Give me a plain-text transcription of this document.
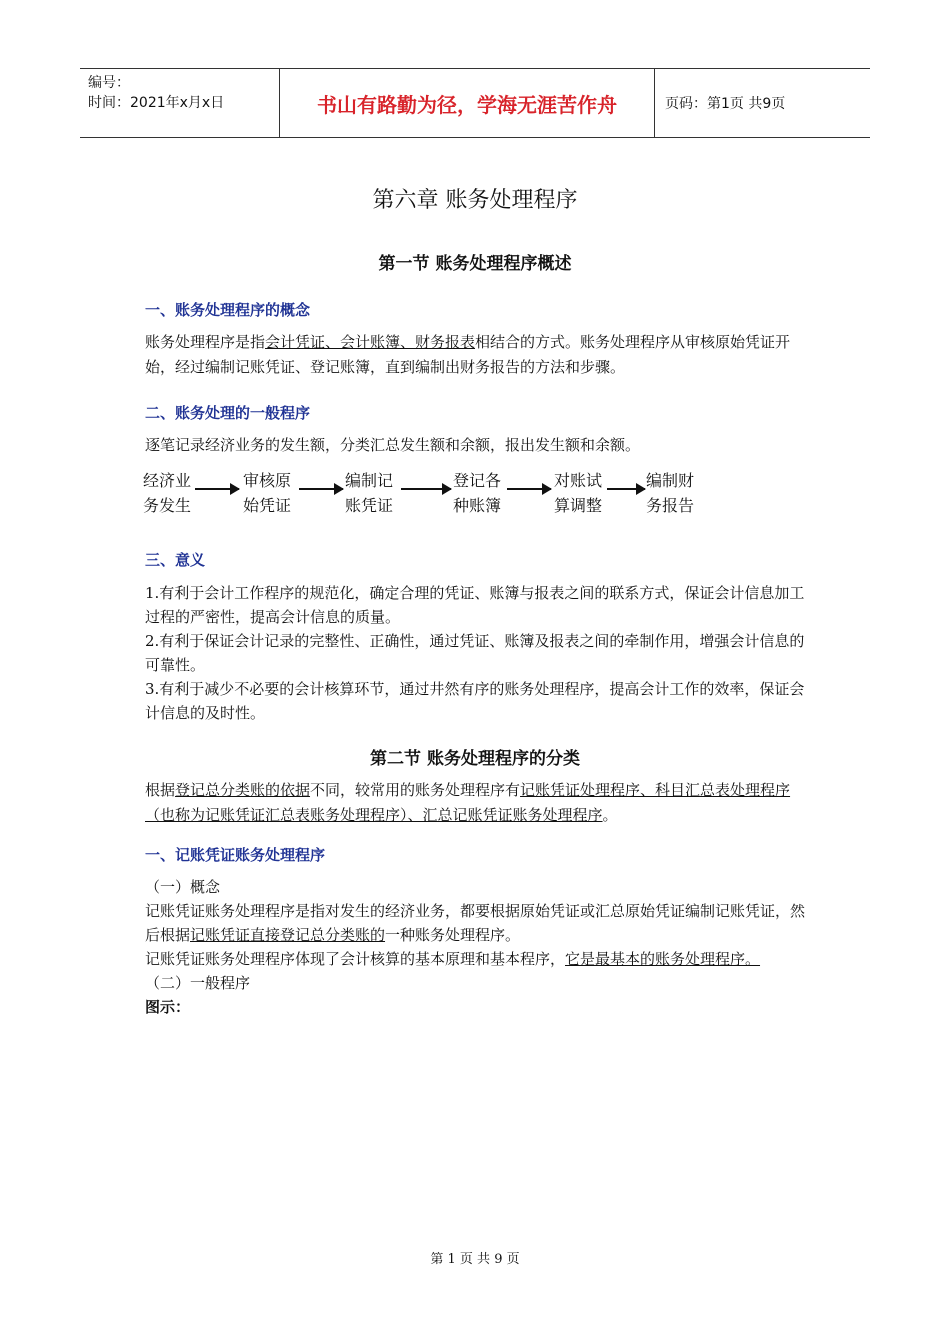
编号：
时间：2021年x月x日	书山有路勤为径，学海无涯苦作舟	页码：第1页 共9页
第六章 账务处理程序
第一节 账务处理程序概述
一、账务处理程序的概念
账务处理程序是指会计凭证、会计账簿、财务报表相结合的方式。账务处理程序从审核原始凭证开始，经过编制记账凭证、登记账簿，直到编制出财务报告的方法和步骤。
二、账务处理的一般程序
逐笔记录经济业务的发生额，分类汇总发生额和余额，报出发生额和余额。
经济业
务发生
审核原
始凭证
编制记
账凭证
登记各
种账簿
对账试
算调整
编制财
务报告
三、意义
1.有利于会计工作程序的规范化，确定合理的凭证、账簿与报表之间的联系方式，保证会计信息加工过程的严密性，提高会计信息的质量。
2.有利于保证会计记录的完整性、正确性，通过凭证、账簿及报表之间的牵制作用，增强会计信息的可靠性。
3.有利于减少不必要的会计核算环节，通过井然有序的账务处理程序，提高会计工作的效率，保证会计信息的及时性。
第二节 账务处理程序的分类
根据登记总分类账的依据不同，较常用的账务处理程序有记账凭证处理程序、科目汇总表处理程序（也称为记账凭证汇总表账务处理程序）、汇总记账凭证账务处理程序。
一、记账凭证账务处理程序
（一）概念
记账凭证账务处理程序是指对发生的经济业务，都要根据原始凭证或汇总原始凭证编制记账凭证，然后根据记账凭证直接登记总分类账的一种账务处理程序。
记账凭证账务处理程序体现了会计核算的基本原理和基本程序，它是最基本的账务处理程序。
（二）一般程序
图示：
第 1 页 共 9 页
